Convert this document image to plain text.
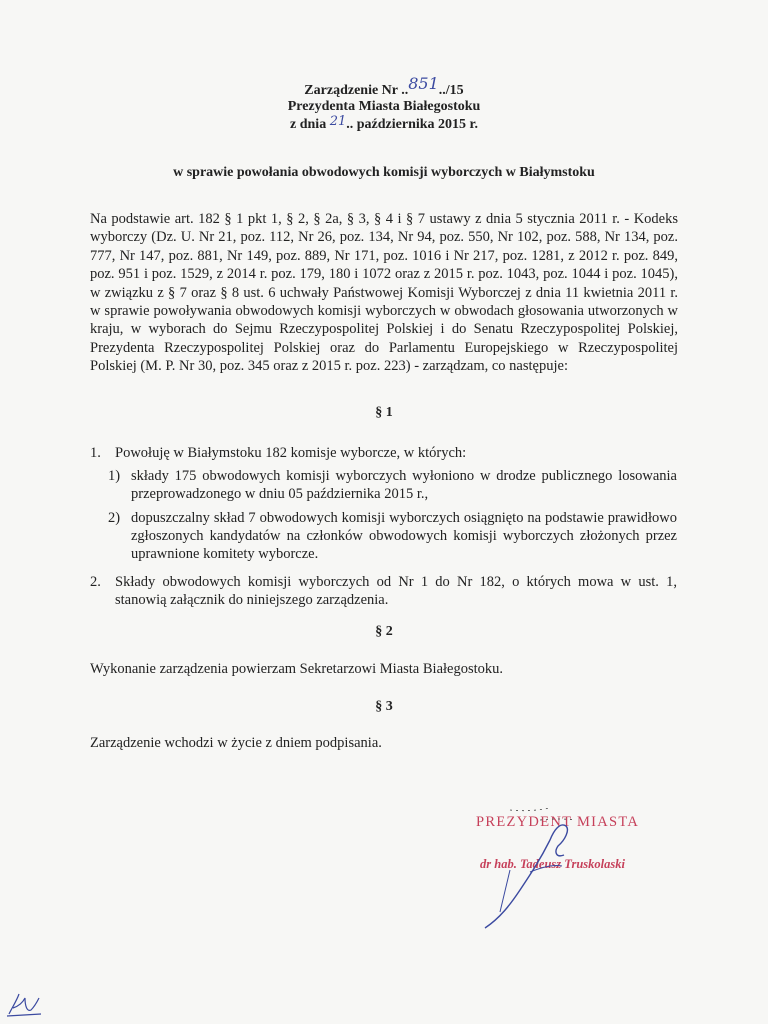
Zarządzenie Nr ..851../15
Prezydenta Miasta Białegostoku
z dnia 21.. października 2015 r.
w sprawie powołania obwodowych komisji wyborczych w Białymstoku
Na podstawie art. 182 § 1 pkt 1, § 2, § 2a, § 3, § 4 i § 7 ustawy z dnia 5 stycznia 2011 r. - Kodeks wyborczy (Dz. U. Nr 21, poz. 112, Nr 26, poz. 134, Nr 94, poz. 550, Nr 102, poz. 588, Nr 134, poz. 777, Nr 147, poz. 881, Nr 149, poz. 889, Nr 171, poz. 1016 i Nr 217, poz. 1281, z 2012 r. poz. 849, poz. 951 i poz. 1529, z 2014 r. poz. 179, 180 i 1072 oraz z 2015 r. poz. 1043, poz. 1044 i poz. 1045), w związku z § 7 oraz § 8 ust. 6 uchwały Państwowej Komisji Wyborczej z dnia 11 kwietnia 2011 r. w sprawie powoływania obwodowych komisji wyborczych w obwodach głosowania utworzonych w kraju, w wyborach do Sejmu Rzeczypospolitej Polskiej i do Senatu Rzeczypospolitej Polskiej, Prezydenta Rzeczypospolitej Polskiej oraz do Parlamentu Europejskiego w Rzeczypospolitej Polskiej (M. P. Nr 30, poz. 345 oraz z 2015 r. poz. 223) - zarządzam, co następuje:
§ 1
1. Powołuję w Białymstoku 182 komisje wyborcze, w których:
1) składy 175 obwodowych komisji wyborczych wyłoniono w drodze publicznego losowania przeprowadzonego w dniu 05 października 2015 r.,
2) dopuszczalny skład 7 obwodowych komisji wyborczych osiągnięto na podstawie prawidłowo zgłoszonych kandydatów na członków obwodowych komisji wyborczych złożonych przez uprawnione komitety wyborcze.
2. Składy obwodowych komisji wyborczych od Nr 1 do Nr 182, o których mowa w ust. 1, stanowią załącznik do niniejszego zarządzenia.
§ 2
Wykonanie zarządzenia powierzam Sekretarzowi Miasta Białegostoku.
§ 3
Zarządzenie wchodzi w życie z dniem podpisania.
PREZYDENT MIASTA
dr hab. Tadeusz Truskolaski
